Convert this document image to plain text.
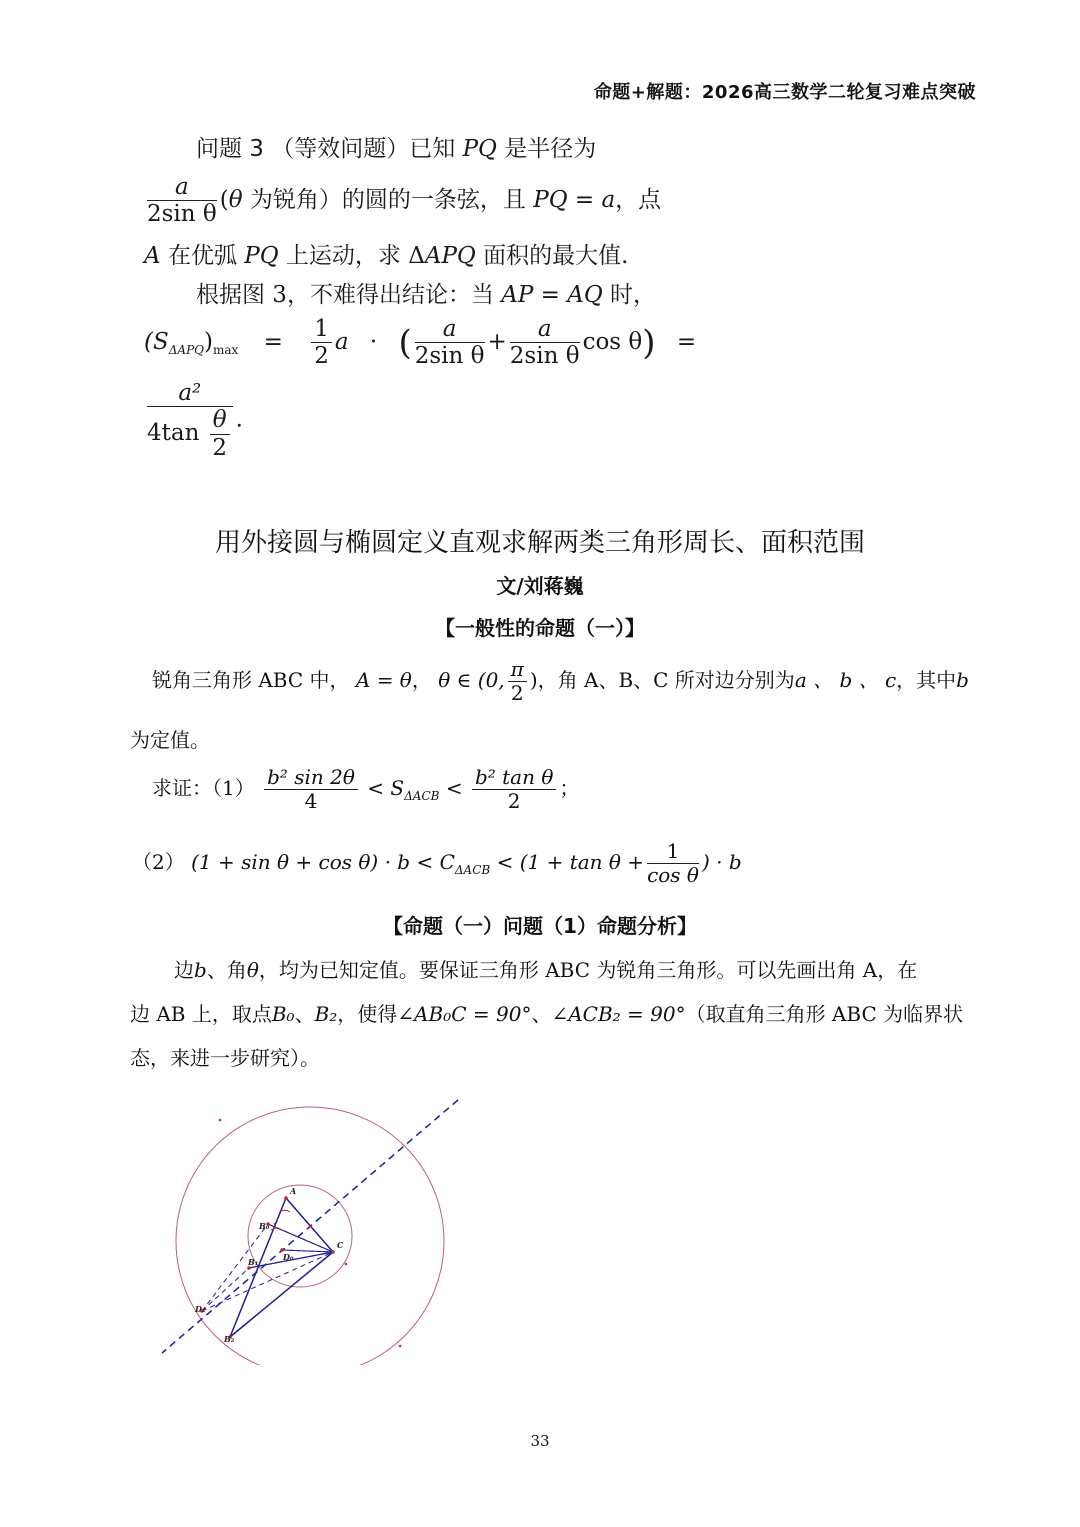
命题+解题：2026高三数学二轮复习难点突破
问题 3 （等效问题）已知 PQ 是半径为
$\frac{a}{\text{2sin θ}} (\theta$ 为锐角）的圆的一条弦，且 PQ = a，点
A 在优弧 PQ 上运动，求 ΔAPQ 面积的最大值.
根据图 3，不难得出结论：当 AP = AQ 时，
$(S_{\Delta APQ})_{max} = \frac{1}{2}$ a · ( $\frac{a}{\text{2sin θ}} + \frac{a}{\text{2sin θ}}$ cos θ) =
$\frac{\text{a²}}{4\tan \frac{\theta}{2}}$ .
用外接圆与椭圆定义直观求解两类三角形周长、面积范围
文/刘蒋巍
【一般性的命题（一）】
锐角三角形 ABC 中， A = θ， θ ∈ (0, $\frac{\pi}{2}$ )，角 A、B、C 所对边分别为a 、 b 、 c，其中b
为定值。
求证：$(1) \frac{\text{b² sin 2θ}}{4} < S_{\Delta ACB} < \frac{\text{b² tan θ}}{2}$ ；
（2） $(1 + \sin \theta + \cos \theta) \cdot b < C_{\Delta ACB} < (1 + \tan \theta + \frac{1}{\text{cos θ}}$ ) · b
【命题（一）问题（1）命题分析】
边b、角θ，均为已知定值。要保证三角形 ABC 为锐角三角形。可以先画出角 A，在
边 AB 上，取点B₀、B₂，使得∠AB₀C = 90°、∠ACB₂ = 90°（取直角三角形 ABC 为临界状
态，来进一步研究）。
A
B₀
B₁
B₂
C
D₀
D₂
33
